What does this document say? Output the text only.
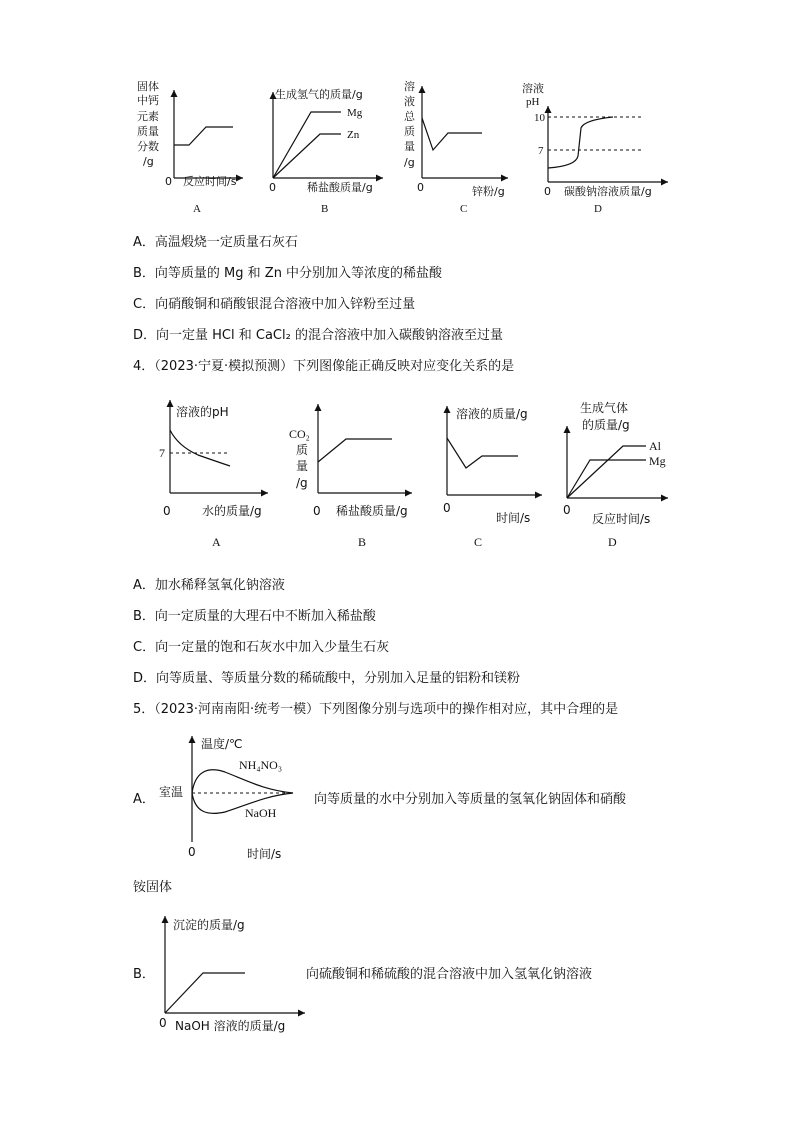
固体
中钙
元素
质量
分数
/g
0 反应时间/s
A
生成氢气的质量/g
Mg
Zn
0	稀盐酸质量/g
B
溶
液
总
质
量
/g
0	锌粉/g
C
溶液
pH
10
7
0 碳酸钠溶液质量/g
D
A．高温煅烧一定质量石灰石
B．向等质量的 Mg 和 Zn 中分别加入等浓度的稀盐酸
C．向硝酸铜和硝酸银混合溶液中加入锌粉至过量
D．向一定量 HCl 和 CaCl₂ 的混合溶液中加入碳酸钠溶液至过量
4．（2023·宁夏·模拟预测）下列图像能正确反映对应变化关系的是
溶液的pH
7
0	水的质量/g
A
CO₂
质
量
/g
0 稀盐酸质量/g
B
溶液的质量/g
0
时间/s
C
生成气体
的质量/g
Al
Mg
0
反应时间/s
D
A．加水稀释氢氧化钠溶液
B．向一定质量的大理石中不断加入稀盐酸
C．向一定量的饱和石灰水中加入少量生石灰
D．向等质量、等质量分数的稀硫酸中，分别加入足量的铝粉和镁粉
5．（2023·河南南阳·统考一模）下列图像分别与选项中的操作相对应，其中合理的是
A．
温度/℃
室温
NH₄NO₃
NaOH
0	时间/s
向等质量的水中分别加入等质量的氢氧化钠固体和硝酸
铵固体
B．
沉淀的质量/g
0 NaOH 溶液的质量/g
向硫酸铜和稀硫酸的混合溶液中加入氢氧化钠溶液
